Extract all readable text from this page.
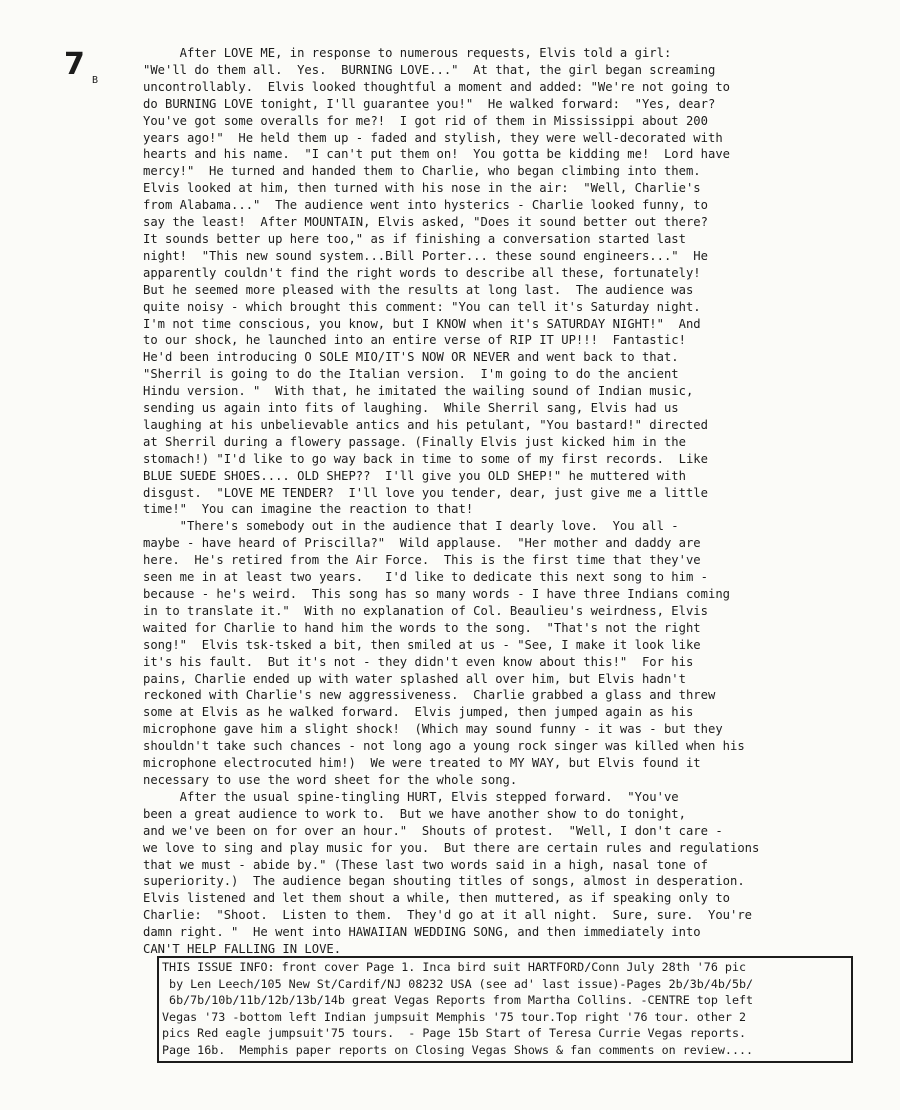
7 B
After LOVE ME, in response to numerous requests, Elvis told a girl:
"We'll do them all.  Yes.  BURNING LOVE..."  At that, the girl began screaming
uncontrollably.  Elvis looked thoughtful a moment and added: "We're not going to
do BURNING LOVE tonight, I'll guarantee you!"  He walked forward:  "Yes, dear?
You've got some overalls for me?!  I got rid of them in Mississippi about 200
years ago!"  He held them up - faded and stylish, they were well-decorated with
hearts and his name.  "I can't put them on!  You gotta be kidding me!  Lord have
mercy!"  He turned and handed them to Charlie, who began climbing into them.
Elvis looked at him, then turned with his nose in the air:  "Well, Charlie's
from Alabama..."  The audience went into hysterics - Charlie looked funny, to
say the least!  After MOUNTAIN, Elvis asked, "Does it sound better out there?
It sounds better up here too," as if finishing a conversation started last
night!  "This new sound system...Bill Porter... these sound engineers..."  He
apparently couldn't find the right words to describe all these, fortunately!
But he seemed more pleased with the results at long last.  The audience was
quite noisy - which brought this comment: "You can tell it's Saturday night.
I'm not time conscious, you know, but I KNOW when it's SATURDAY NIGHT!"  And
to our shock, he launched into an entire verse of RIP IT UP!!!  Fantastic!
He'd been introducing O SOLE MIO/IT'S NOW OR NEVER and went back to that.
"Sherril is going to do the Italian version.  I'm going to do the ancient
Hindu version. "  With that, he imitated the wailing sound of Indian music,
sending us again into fits of laughing.  While Sherril sang, Elvis had us
laughing at his unbelievable antics and his petulant, "You bastard!" directed
at Sherril during a flowery passage. (Finally Elvis just kicked him in the
stomach!) "I'd like to go way back in time to some of my first records.  Like
BLUE SUEDE SHOES.... OLD SHEP??  I'll give you OLD SHEP!" he muttered with
disgust.  "LOVE ME TENDER?  I'll love you tender, dear, just give me a little
time!"  You can imagine the reaction to that!
"There's somebody out in the audience that I dearly love.  You all -
maybe - have heard of Priscilla?"  Wild applause.  "Her mother and daddy are
here.  He's retired from the Air Force.  This is the first time that they've
seen me in at least two years.   I'd like to dedicate this next song to him -
because - he's weird.  This song has so many words - I have three Indians coming
in to translate it."  With no explanation of Col. Beaulieu's weirdness, Elvis
waited for Charlie to hand him the words to the song.  "That's not the right
song!"  Elvis tsk-tsked a bit, then smiled at us - "See, I make it look like
it's his fault.  But it's not - they didn't even know about this!"  For his
pains, Charlie ended up with water splashed all over him, but Elvis hadn't
reckoned with Charlie's new aggressiveness.  Charlie grabbed a glass and threw
some at Elvis as he walked forward.  Elvis jumped, then jumped again as his
microphone gave him a slight shock!  (Which may sound funny - it was - but they
shouldn't take such chances - not long ago a young rock singer was killed when his
microphone electrocuted him!)  We were treated to MY WAY, but Elvis found it
necessary to use the word sheet for the whole song.
After the usual spine-tingling HURT, Elvis stepped forward.  "You've
been a great audience to work to.  But we have another show to do tonight,
and we've been on for over an hour."  Shouts of protest.  "Well, I don't care -
we love to sing and play music for you.  But there are certain rules and regulations
that we must - abide by." (These last two words said in a high, nasal tone of
superiority.)  The audience began shouting titles of songs, almost in desperation.
Elvis listened and let them shout a while, then muttered, as if speaking only to
Charlie:  "Shoot.  Listen to them.  They'd go at it all night.  Sure, sure.  You're
damn right. "  He went into HAWAIIAN WEDDING SONG, and then immediately into
CAN'T HELP FALLING IN LOVE.
THIS ISSUE INFO: front cover Page 1. Inca bird suit HARTFORD/Conn July 28th '76 pic
by Len Leech/105 New St/Cardif/NJ 08232 USA (see ad' last issue)-Pages 2b/3b/4b/5b/
6b/7b/10b/11b/12b/13b/14b great Vegas Reports from Martha Collins. -CENTRE top left
Vegas '73 -bottom left Indian jumpsuit Memphis '75 tour.Top right '76 tour. other 2
pics Red eagle jumpsuit'75 tours.  - Page 15b Start of Teresa Currie Vegas reports.
Page 16b.  Memphis paper reports on Closing Vegas Shows & fan comments on review....
